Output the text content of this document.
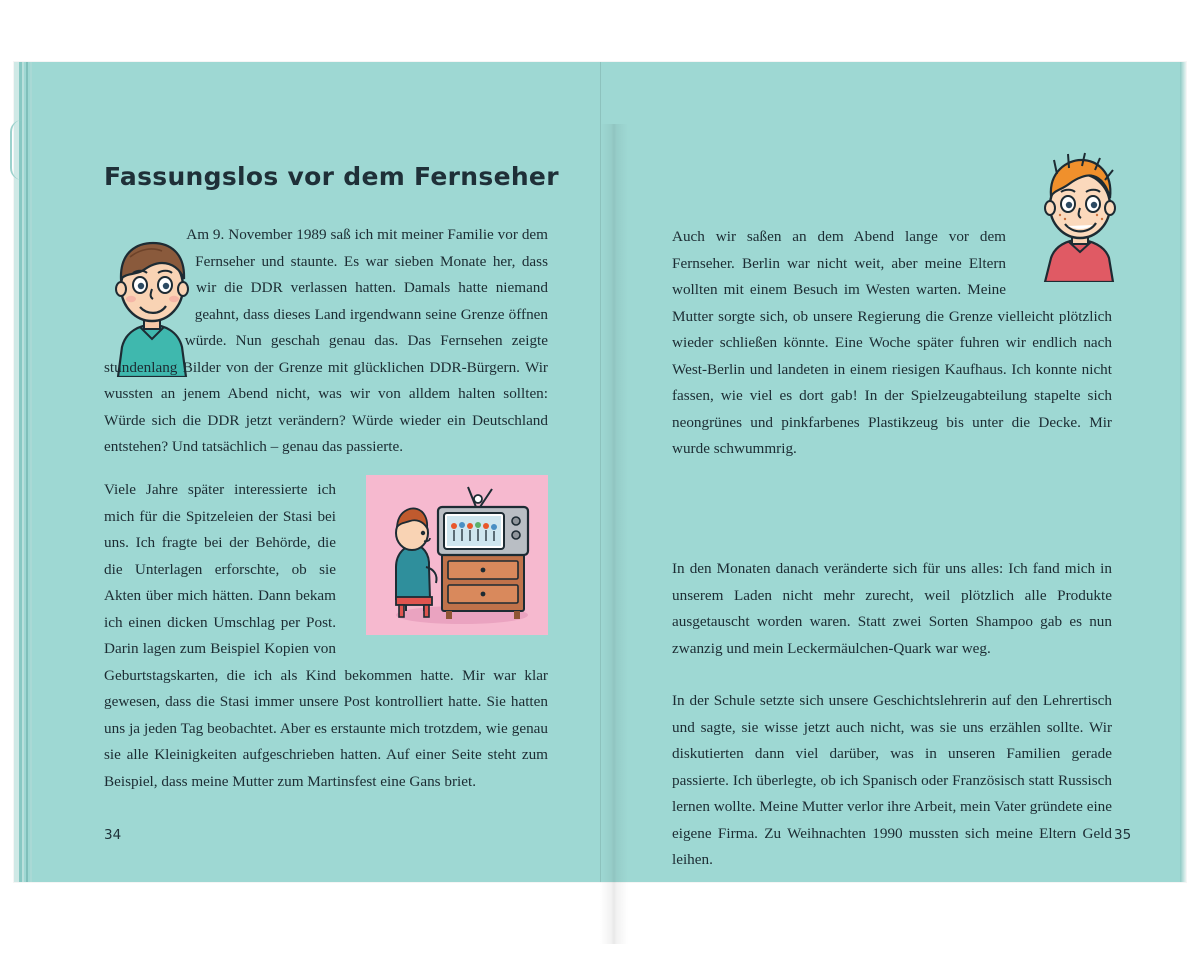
Fassungslos vor dem Fernseher
Am 9. November 1989 saß ich mit meiner Familie vor dem Fernseher und staunte. Es war sieben Monate her, dass wir die DDR verlassen hatten. Damals hatte niemand geahnt, dass dieses Land irgendwann seine Grenze öffnen würde. Nun geschah genau das. Das Fernsehen zeigte stundenlang Bilder von der Grenze mit glücklichen DDR-Bürgern. Wir wussten an jenem Abend nicht, was wir von alldem halten sollten: Würde sich die DDR jetzt verändern? Würde wieder ein Deutschland entstehen? Und tatsächlich – genau das passierte.
Viele Jahre später interessierte ich mich für die Spitzeleien der Stasi bei uns. Ich fragte bei der Behörde, die die Unterlagen erforschte, ob sie Akten über mich hätten. Dann bekam ich einen dicken Umschlag per Post. Darin lagen zum Beispiel Kopien von Geburtstagskarten, die ich als Kind bekommen hatte. Mir war klar gewesen, dass die Stasi immer unsere Post kontrolliert hatte. Sie hatten uns ja jeden Tag beobachtet. Aber es erstaunte mich trotzdem, wie genau sie alle Kleinigkeiten aufgeschrieben hatten. Auf einer Seite steht zum Beispiel, dass meine Mutter zum Martinsfest eine Gans briet.
34
Auch wir saßen an dem Abend lange vor dem Fernseher. Berlin war nicht weit, aber meine Eltern wollten mit einem Besuch im Westen warten. Meine Mutter sorgte sich, ob unsere Regierung die Grenze vielleicht plötzlich wieder schließen könnte. Eine Woche später fuhren wir endlich nach West-Berlin und landeten in einem riesigen Kaufhaus. Ich konnte nicht fassen, wie viel es dort gab! In der Spielzeugabteilung stapelte sich neongrünes und pinkfarbenes Plastikzeug bis unter die Decke. Mir wurde schwummrig.
In den Monaten danach veränderte sich für uns alles: Ich fand mich in unserem Laden nicht mehr zurecht, weil plötzlich alle Produkte ausgetauscht worden waren. Statt zwei Sorten Shampoo gab es nun zwanzig und mein Leckermäulchen-Quark war weg.
In der Schule setzte sich unsere Geschichtslehrerin auf den Lehrertisch und sagte, sie wisse jetzt auch nicht, was sie uns erzählen sollte. Wir diskutierten dann viel darüber, was in unseren Familien gerade passierte. Ich überlegte, ob ich Spanisch oder Französisch statt Russisch lernen wollte. Meine Mutter verlor ihre Arbeit, mein Vater gründete eine eigene Firma. Zu Weihnachten 1990 mussten sich meine Eltern Geld leihen.
35
